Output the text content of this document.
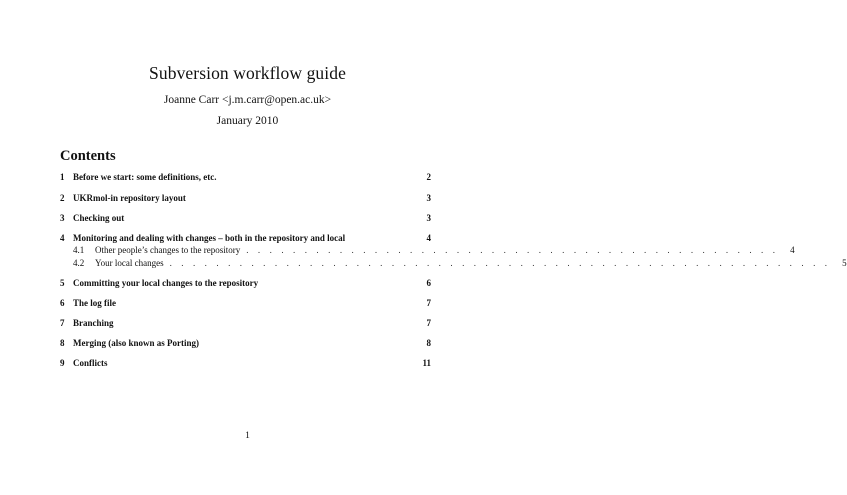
Subversion workflow guide
Joanne Carr <j.m.carr@open.ac.uk>
January 2010
Contents
1 Before we start: some definitions, etc.	2
2 UKRmol-in repository layout	3
3 Checking out	3
4 Monitoring and dealing with changes – both in the repository and local	4
4.1	Other people’s changes to the repository . . . . . . . . . . . . . . . . . . . . . . . . . . . . . . . . . . . . . . . . . . . . . .	4
4.2	Your local changes . . . . . . . . . . . . . . . . . . . . . . . . . . . . . . . . . . . . . . . . . . . . . . . . . . . . . . . . .	5
5 Committing your local changes to the repository	6
6 The log file	7
7 Branching	7
8 Merging (also known as Porting)	8
9 Conflicts	11
1
